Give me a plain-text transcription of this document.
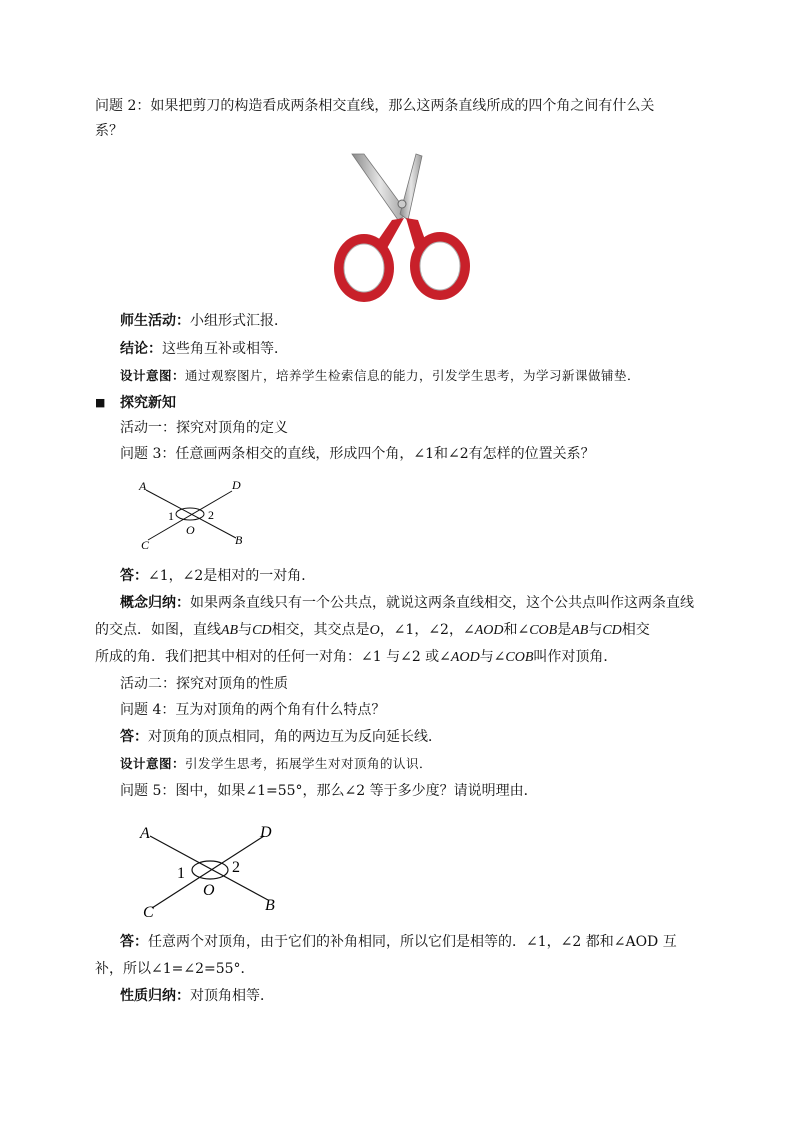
问题 2：如果把剪刀的构造看成两条相交直线，那么这两条直线所成的四个角之间有什么关
系？
师生活动：小组形式汇报．
结论：这些角互补或相等．
设计意图：通过观察图片，培养学生检索信息的能力，引发学生思考，为学习新课做铺垫．
■ 探究新知
活动一：探究对顶角的定义
问题 3：任意画两条相交的直线，形成四个角，∠1和∠2有怎样的位置关系？
A	D
C	B
O
1	2
答：∠1，∠2是相对的一对角．
概念归纳：如果两条直线只有一个公共点，就说这两条直线相交，这个公共点叫作这两条直线
的交点．如图，直线AB与CD相交，其交点是O，∠1，∠2，∠AOD和∠COB是AB与CD相交
所成的角．我们把其中相对的任何一对角：∠1 与∠2 或∠AOD与∠COB叫作对顶角．
活动二：探究对顶角的性质
问题 4：互为对顶角的两个角有什么特点？
答：对顶角的顶点相同，角的两边互为反向延长线．
设计意图：引发学生思考，拓展学生对对顶角的认识．
问题 5：图中，如果∠1=55°，那么∠2 等于多少度？请说明理由．
A	D
C	B
O
1	2
答：任意两个对顶角，由于它们的补角相同，所以它们是相等的．∠1，∠2 都和∠AOD 互
补，所以∠1=∠2=55°．
性质归纳：对顶角相等．
